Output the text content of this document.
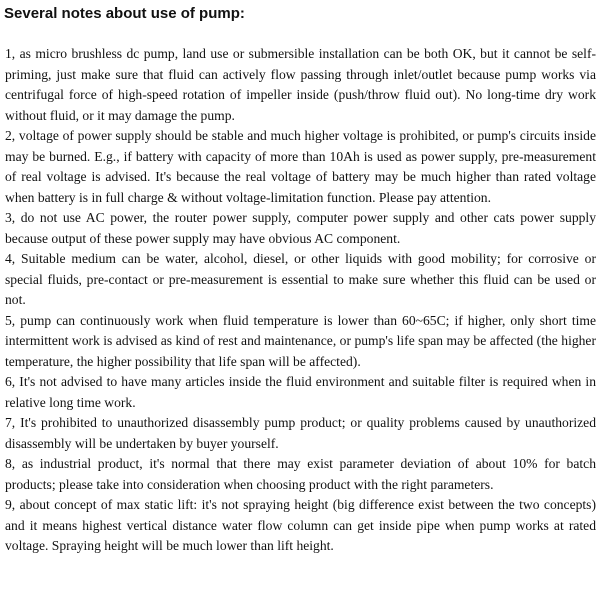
Several notes about use of pump:

1, as micro brushless dc pump, land use or submersible installation can be both OK, but it cannot be self-priming, just make sure that fluid can actively flow passing through inlet/outlet because pump works via centrifugal force of high-speed rotation of impeller inside (push/throw fluid out). No long-time dry work without fluid, or it may damage the pump.

2, voltage of power supply should be stable and much higher voltage is prohibited, or pump's circuits inside may be burned. E.g., if battery with capacity of more than 10Ah is used as power supply, pre-measurement of real voltage is advised. It's because the real voltage of battery may be much higher than rated voltage when battery is in full charge & without voltage-limitation function. Please pay attention.

3, do not use AC power, the router power supply, computer power supply and other cats power supply because output of these power supply may have obvious AC component.

4, Suitable medium can be water, alcohol, diesel, or other liquids with good mobility; for corrosive or special fluids, pre-contact or pre-measurement is essential to make sure whether this fluid can be used or not.

5, pump can continuously work when fluid temperature is lower than 60~65C; if higher, only short time intermittent work is advised as kind of rest and maintenance, or pump's life span may be affected (the higher temperature, the higher possibility that life span will be affected).

6, It's not advised to have many articles inside the fluid environment and suitable filter is required when in relative long time work.

7, It's prohibited to unauthorized disassembly pump product; or quality problems caused by unauthorized disassembly will be undertaken by buyer yourself.

8, as industrial product, it's normal that there may exist parameter deviation of about 10% for batch products; please take into consideration when choosing product with the right parameters.

9, about concept of max static lift: it's not spraying height (big difference exist between the two concepts) and it means highest vertical distance water flow column can get inside pipe when pump works at rated voltage. Spraying height will be much lower than lift height.
